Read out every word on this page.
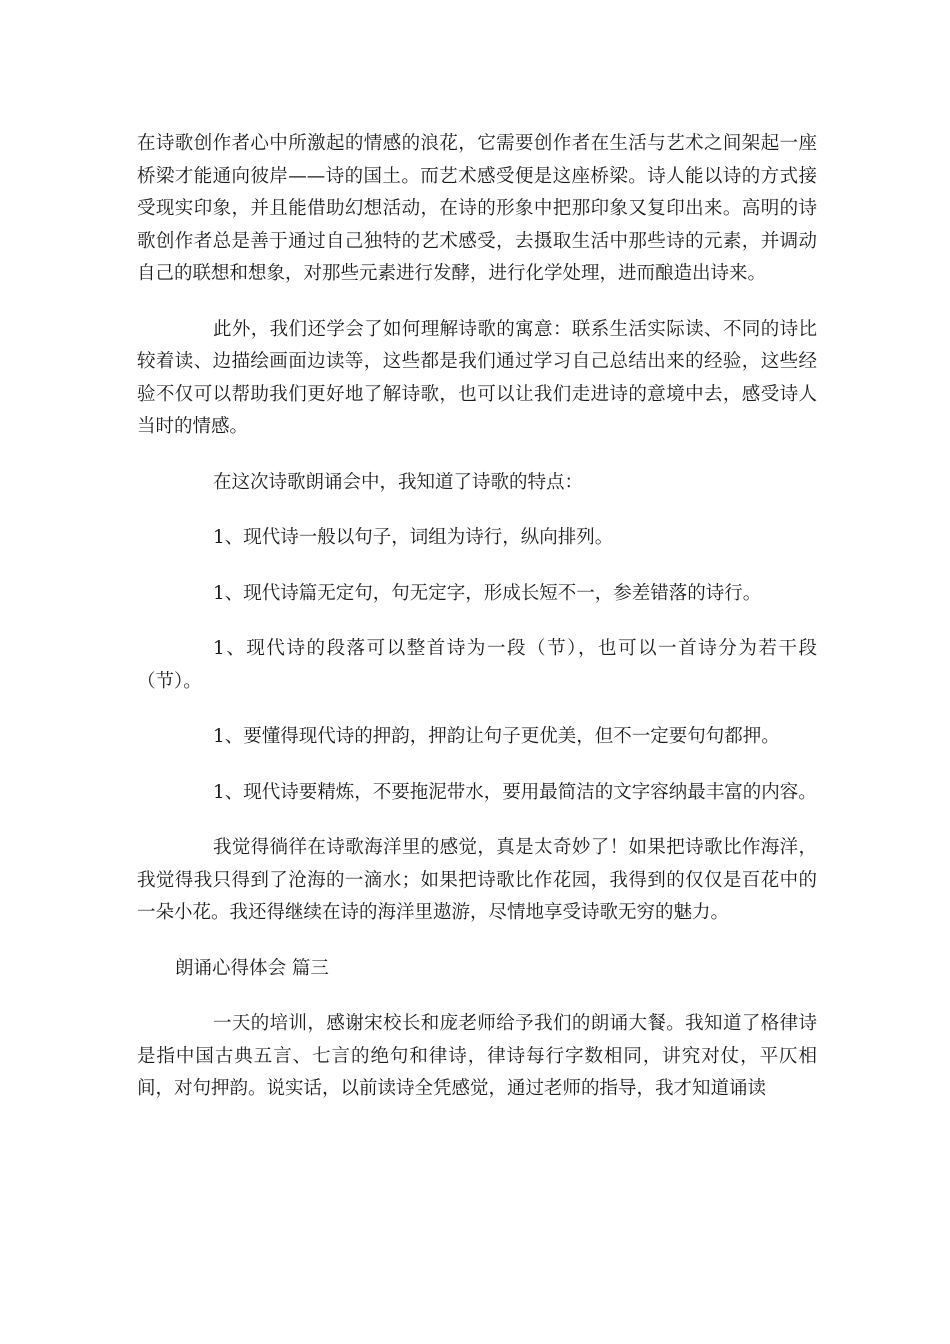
在诗歌创作者心中所激起的情感的浪花，它需要创作者在生活与艺术之间架起一座桥梁才能通向彼岸——诗的国土。而艺术感受便是这座桥梁。诗人能以诗的方式接受现实印象，并且能借助幻想活动，在诗的形象中把那印象又复印出来。高明的诗歌创作者总是善于通过自己独特的艺术感受，去摄取生活中那些诗的元素，并调动自己的联想和想象，对那些元素进行发酵，进行化学处理，进而酿造出诗来。

此外，我们还学会了如何理解诗歌的寓意：联系生活实际读、不同的诗比较着读、边描绘画面边读等，这些都是我们通过学习自己总结出来的经验，这些经验不仅可以帮助我们更好地了解诗歌，也可以让我们走进诗的意境中去，感受诗人当时的情感。

在这次诗歌朗诵会中，我知道了诗歌的特点：

1、现代诗一般以句子，词组为诗行，纵向排列。

1、现代诗篇无定句，句无定字，形成长短不一，参差错落的诗行。

1、现代诗的段落可以整首诗为一段（节），也可以一首诗分为若干段（节）。

1、要懂得现代诗的押韵，押韵让句子更优美，但不一定要句句都押。

1、现代诗要精炼，不要拖泥带水，要用最简洁的文字容纳最丰富的内容。

我觉得徜徉在诗歌海洋里的感觉，真是太奇妙了！如果把诗歌比作海洋，我觉得我只得到了沧海的一滴水；如果把诗歌比作花园，我得到的仅仅是百花中的一朵小花。我还得继续在诗的海洋里遨游，尽情地享受诗歌无穷的魅力。

朗诵心得体会 篇三

一天的培训，感谢宋校长和庞老师给予我们的朗诵大餐。我知道了格律诗是指中国古典五言、七言的绝句和律诗，律诗每行字数相同，讲究对仗，平仄相间，对句押韵。说实话，以前读诗全凭感觉，通过老师的指导，我才知道诵读
